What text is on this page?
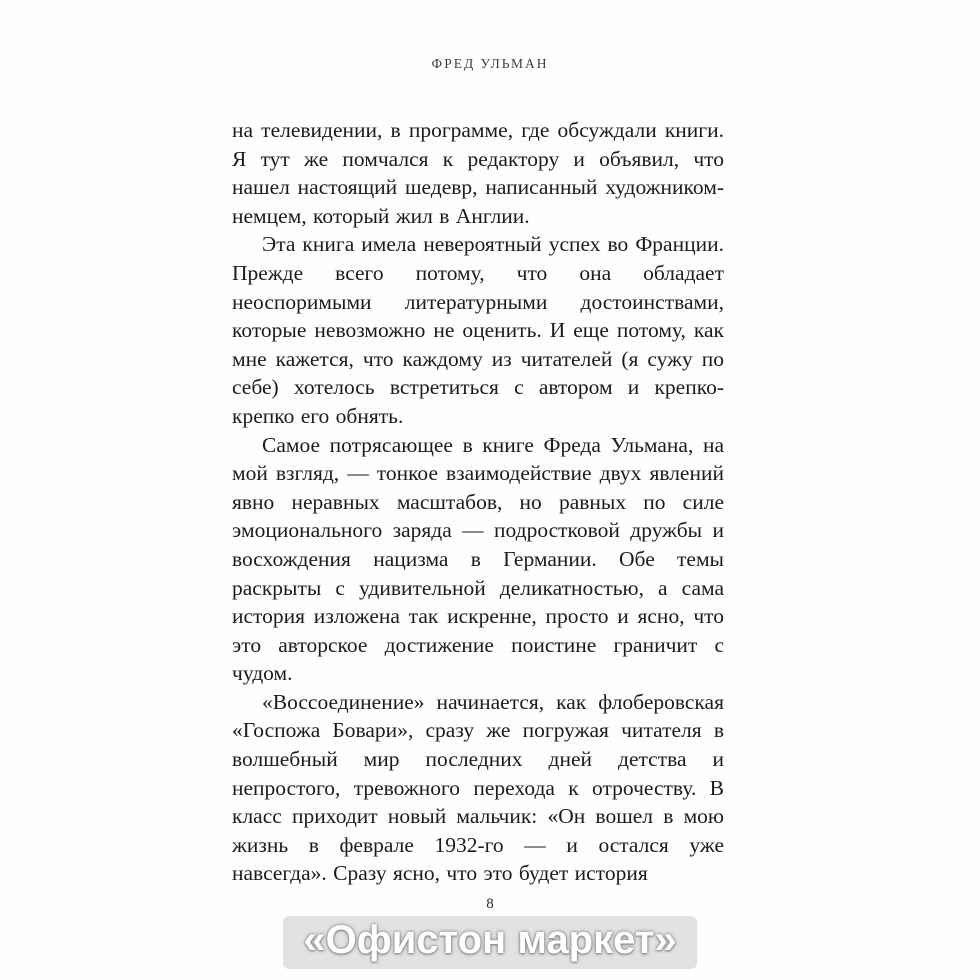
ФРЕД УЛЬМАН

на телевидении, в программе, где обсуждали книги. Я тут же помчался к редактору и объявил, что нашел настоящий шедевр, написанный художником-немцем, который жил в Англии.

Эта книга имела невероятный успех во Франции. Прежде всего потому, что она обладает неоспоримыми литературными достоинствами, которые невозможно не оценить. И еще потому, как мне кажется, что каждому из читателей (я сужу по себе) хотелось встретиться с автором и крепко-крепко его обнять.

Самое потрясающее в книге Фреда Ульмана, на мой взгляд, — тонкое взаимодействие двух явлений явно неравных масштабов, но равных по силе эмоционального заряда — подростковой дружбы и восхождения нацизма в Германии. Обе темы раскрыты с удивительной деликатностью, а сама история изложена так искренне, просто и ясно, что это авторское достижение поистине граничит с чудом.

«Воссоединение» начинается, как флоберовская «Госпожа Бовари», сразу же погружая читателя в волшебный мир последних дней детства и непростого, тревожного перехода к отрочеству. В класс приходит новый мальчик: «Он вошел в мою жизнь в феврале 1932-го — и остался уже навсегда». Сразу ясно, что это будет история

8
«Офистон маркет»
